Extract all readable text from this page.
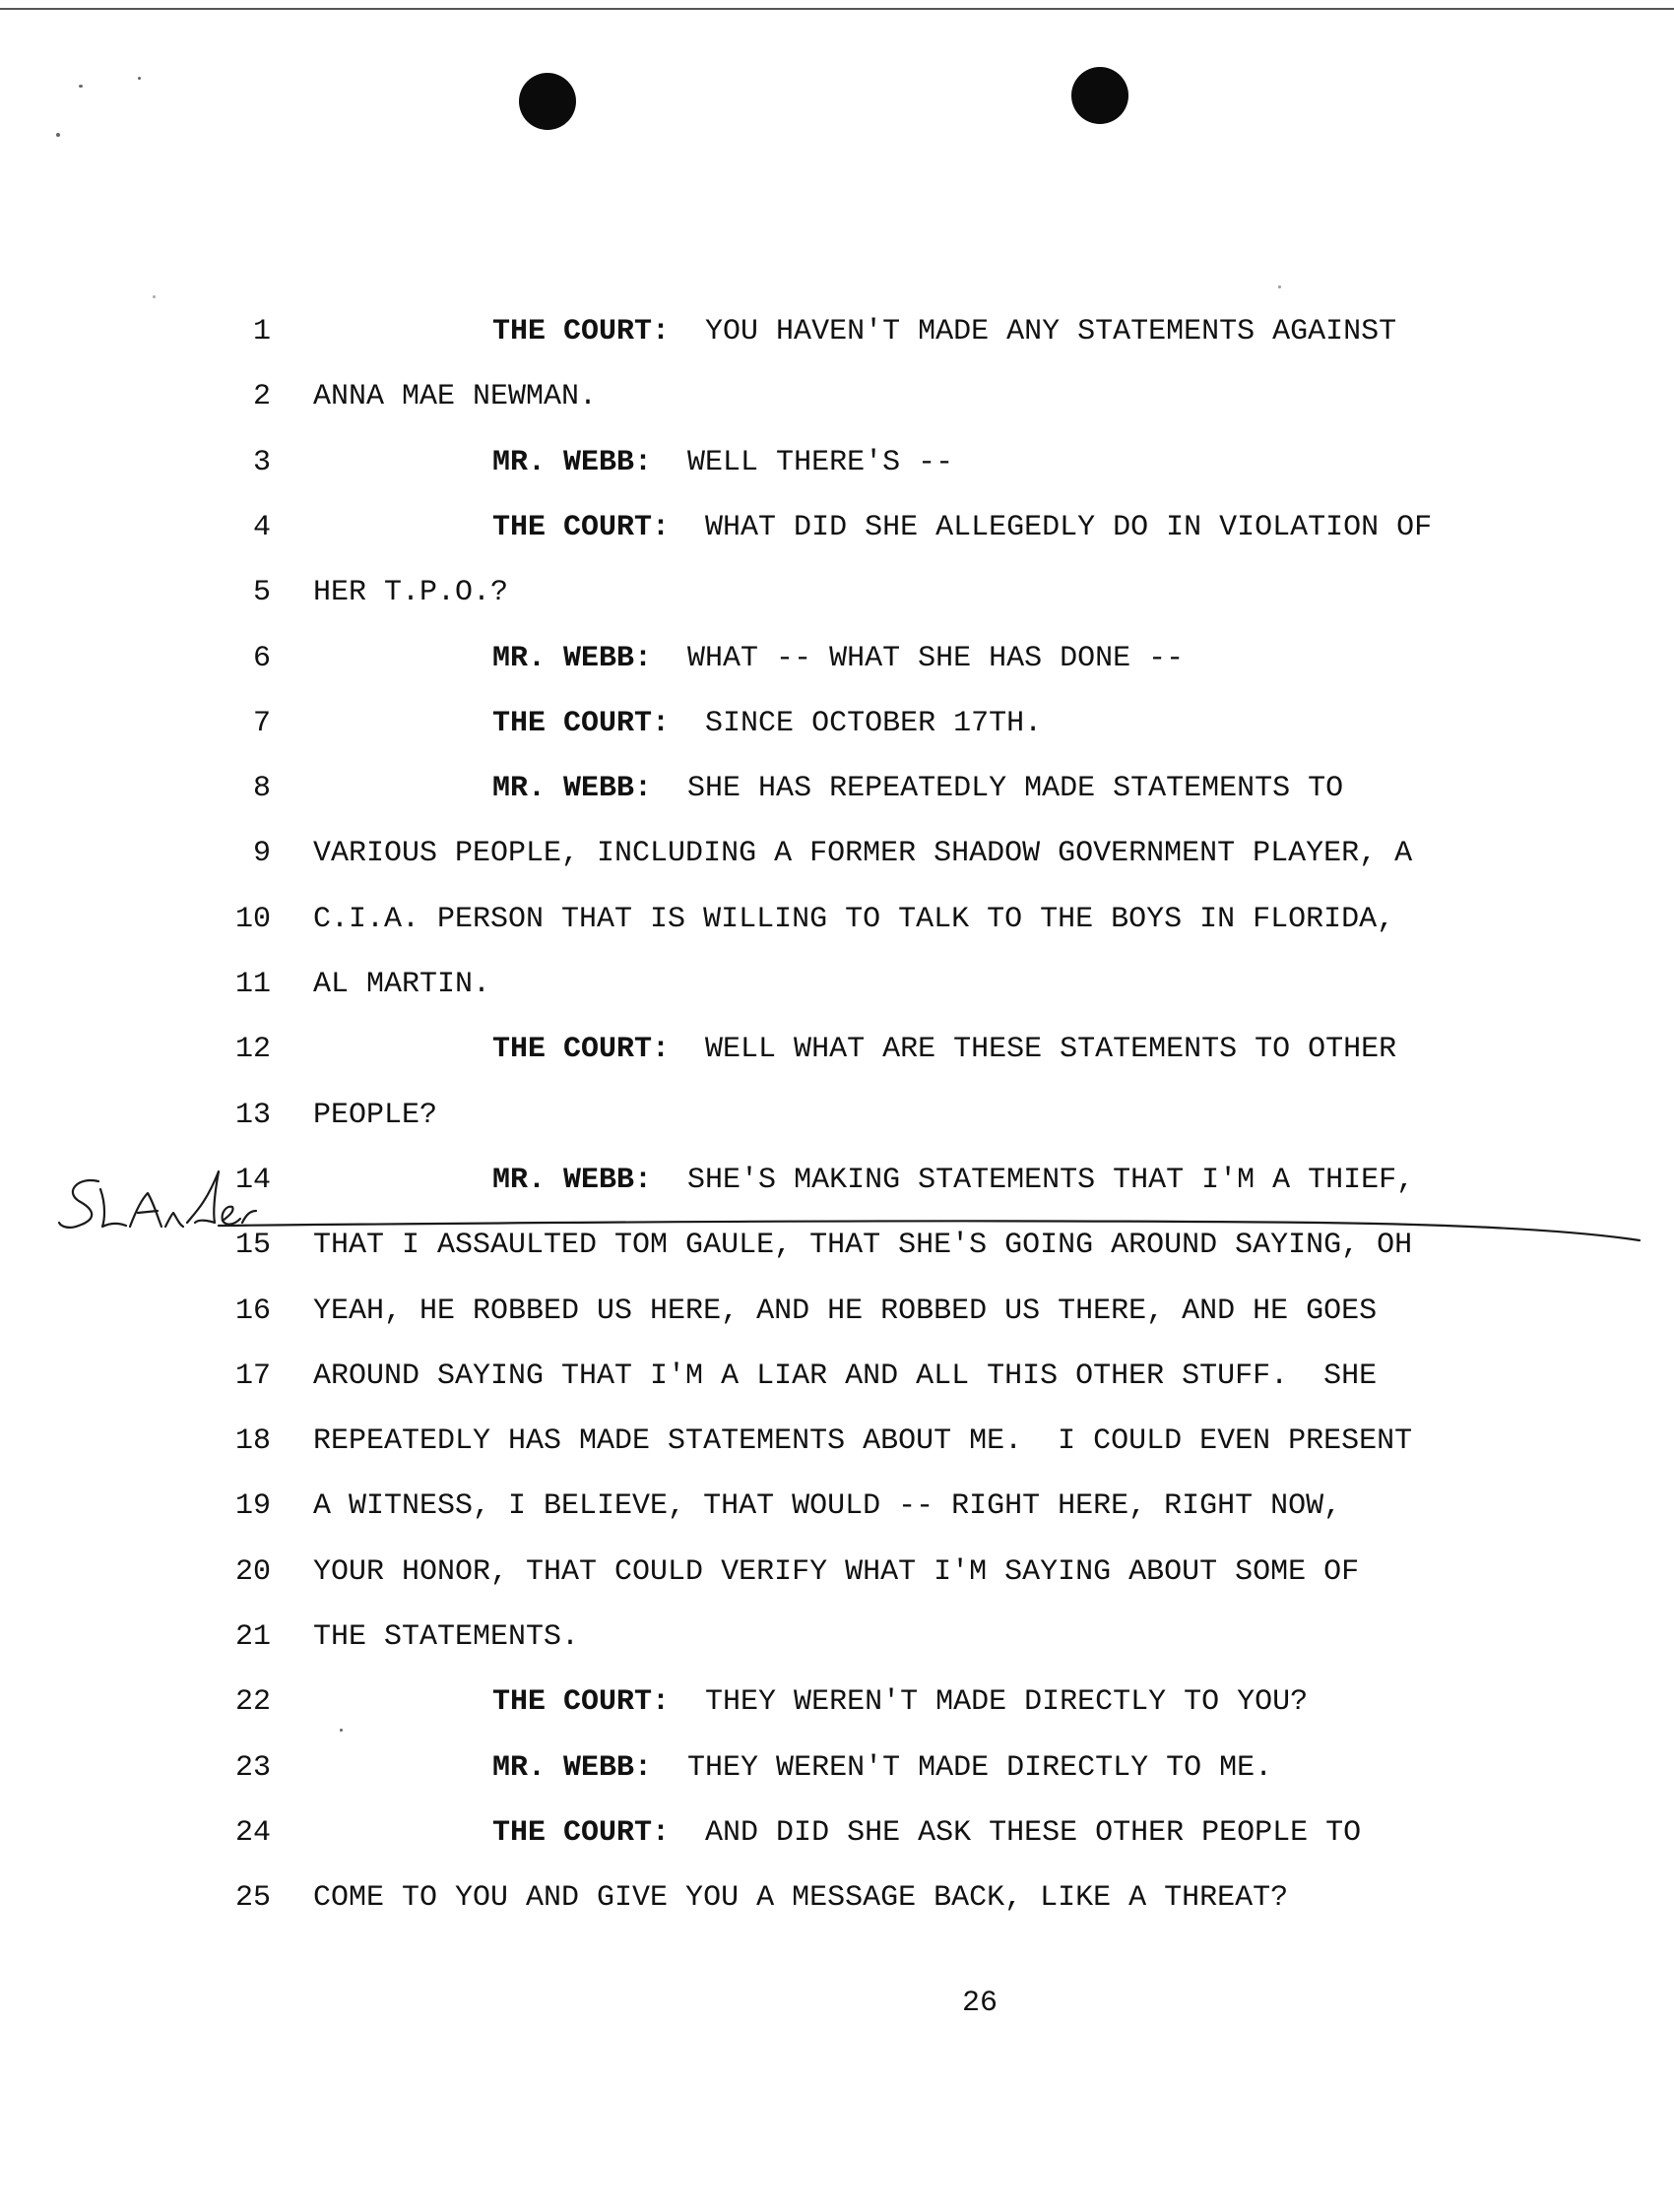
1	THE COURT: YOU HAVEN'T MADE ANY STATEMENTS AGAINST
2 ANNA MAE NEWMAN.
3	MR. WEBB: WELL THERE'S --
4	THE COURT: WHAT DID SHE ALLEGEDLY DO IN VIOLATION OF
5 HER T.P.O.?
6	MR. WEBB: WHAT -- WHAT SHE HAS DONE --
7	THE COURT: SINCE OCTOBER 17TH.
8	MR. WEBB: SHE HAS REPEATEDLY MADE STATEMENTS TO
9 VARIOUS PEOPLE, INCLUDING A FORMER SHADOW GOVERNMENT PLAYER, A
10 C.I.A. PERSON THAT IS WILLING TO TALK TO THE BOYS IN FLORIDA,
11 AL MARTIN.
12	THE COURT: WELL WHAT ARE THESE STATEMENTS TO OTHER
13 PEOPLE?
14	MR. WEBB: SHE'S MAKING STATEMENTS THAT I'M A THIEF,
15 THAT I ASSAULTED TOM GAULE, THAT SHE'S GOING AROUND SAYING, OH
16 YEAH, HE ROBBED US HERE, AND HE ROBBED US THERE, AND HE GOES
17 AROUND SAYING THAT I'M A LIAR AND ALL THIS OTHER STUFF.  SHE
18 REPEATEDLY HAS MADE STATEMENTS ABOUT ME.  I COULD EVEN PRESENT
19 A WITNESS, I BELIEVE, THAT WOULD -- RIGHT HERE, RIGHT NOW,
20 YOUR HONOR, THAT COULD VERIFY WHAT I'M SAYING ABOUT SOME OF
21 THE STATEMENTS.
22	THE COURT: THEY WEREN'T MADE DIRECTLY TO YOU?
23	MR. WEBB: THEY WEREN'T MADE DIRECTLY TO ME.
24	THE COURT: AND DID SHE ASK THESE OTHER PEOPLE TO
25 COME TO YOU AND GIVE YOU A MESSAGE BACK, LIKE A THREAT?
26
